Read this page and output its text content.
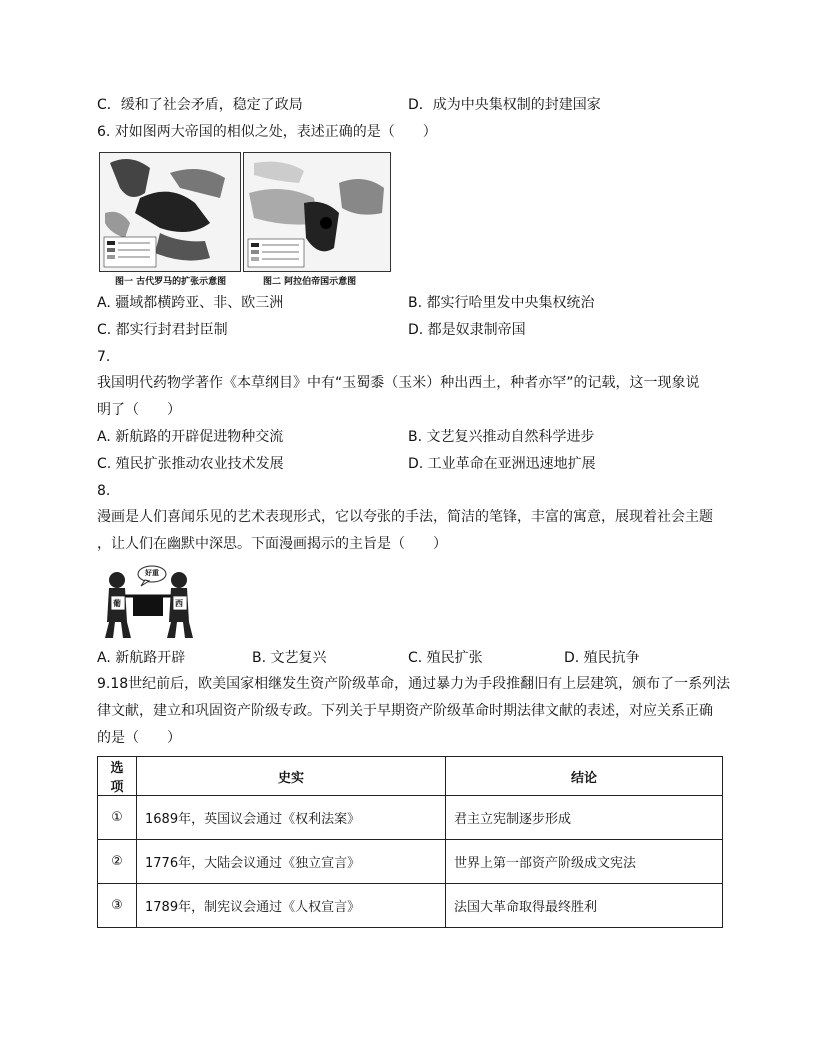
C．缓和了社会矛盾，稳定了政局	D．成为中央集权制的封建国家
6. 对如图两大帝国的相似之处，表述正确的是（　　）
图一 古代罗马的扩张示意图	图二 阿拉伯帝国示意图
A. 疆域都横跨亚、非、欧三洲	B. 都实行哈里发中央集权统治
C. 都实行封君封臣制	D. 都是奴隶制帝国
7.
我国明代药物学著作《本草纲目》中有“玉蜀黍（玉米）种出西土，种者亦罕”的记载，这一现象说
明了（　　）
A. 新航路的开辟促进物种交流	B. 文艺复兴推动自然科学进步
C. 殖民扩张推动农业技术发展	D. 工业革命在亚洲迅速地扩展
8.
漫画是人们喜闻乐见的艺术表现形式，它以夸张的手法，简洁的笔锋，丰富的寓意，展现着社会主题
，让人们在幽默中深思。下面漫画揭示的主旨是（　　）
好重
葡	西
A. 新航路开辟	B. 文艺复兴	C. 殖民扩张	D. 殖民抗争
9.18世纪前后，欧美国家相继发生资产阶级革命，通过暴力为手段推翻旧有上层建筑，颁布了一系列法
律文献，建立和巩固资产阶级专政。下列关于早期资产阶级革命时期法律文献的表述，对应关系正确
的是（　　）
选项	史实	结论
①	1689年，英国议会通过《权利法案》	君主立宪制逐步形成
②	1776年，大陆会议通过《独立宣言》	世界上第一部资产阶级成文宪法
③	1789年，制宪议会通过《人权宣言》	法国大革命取得最终胜利
